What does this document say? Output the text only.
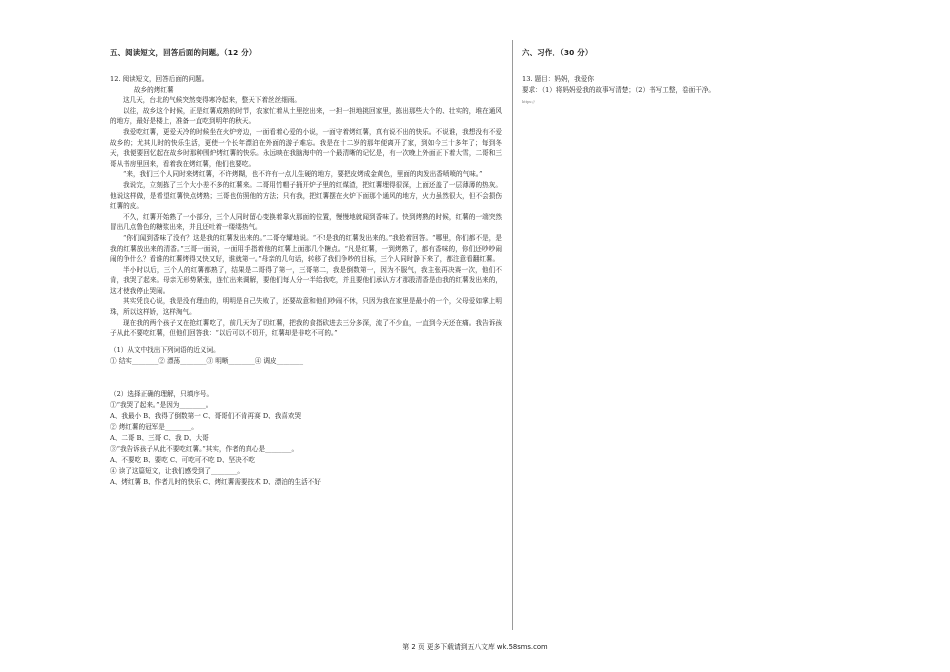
五、阅读短文，回答后面的问题。（12 分）

12. 阅读短文，回答后面的问题。

故乡的烤红薯

这几天，台北的气候突然变得寒冷起来，整天下着丝丝细雨。

以往，故乡这个时候，正是红薯成熟的时节，农家忙着从土里挖出来，一担一担地挑回家里，拣出那些大个的、壮实的，堆在通风的地方，最好是楼上，准备一直吃到明年的秋天。

我爱吃红薯，更爱天冷的时候坐在火炉旁边，一面看着心爱的小说，一面守着烤红薯，真有说不出的快乐。不说谁，我想没有不爱故乡的；尤其儿时的快乐生活，更使一个长年漂泊在外面的游子难忘。我是在十二岁的那年便离开了家，到如今三十多年了；每到冬天，我便要回忆起在故乡时那种围炉烤红薯的快乐。永远映在我脑海中的一个最清晰的记忆是，有一次晚上外面正下着大雪，二哥和三哥从书房里回来，看着我在烤红薯，他们也要吃。

“来，我们三个人同时来烤红薯，不许烤糊，也不许有一点儿生硬的地方，要把皮烤成金黄色，里面的肉发出香喷喷的气味。”

我说完，立刻拣了三个大小差不多的红薯来。二哥用竹帽子捅开炉子里的红煤渣，把红薯埋得很深，上面还盖了一层薄薄的热灰。他说这样做，是希望红薯快点烤熟；三哥也仿照他的方法；只有我，把红薯摆在火炉下面那个通风的地方，火力虽然很大，但不会损伤红薯的皮。

不久，红薯开始熟了一小部分，三个人同时留心变换着靠火那面的位置，慢慢地就闻到香味了。快到烤熟的时候，红薯的一端突然冒出几点鲁色的糖浆出来，并且还吐着一缕缕热气。

“你们闻到香味了没有？这是我的红薯发出来的。”二哥夺耀地说。“不!是我的红薯发出来的。”我抢着回答。“哪里，你们都不是，是我的红薯放出来的清香。”三哥一面说，一面用手指着他的红薯上面那几个糖点。“凡是红薯，一到烤熟了，都有香味的，你们还吵吵闹闹的争什么？看谁的红薯烤得又快又好，谁就第一。”母亲的几句话，转移了我们争吵的目标，三个人同时静下来了，都注意看翻红薯。

半小时以后，三个人的红薯都熟了，结果是二哥得了第一，三哥第二，我是倒数第一，因为不服气，我主张再决赛一次，他们不肯，我哭了起来。母亲无形势紧张，连忙出来调解，要他们每人分一半给我吃，并且要他们承认方才那股清香是由我的红薯发出来的，这才使我停止哭闹。

其实凭良心说，我是没有理由的，明明是自己失败了，还要故意和他们吵闹不休，只因为我在家里是最小的一个，父母爱如掌上明珠，所以这样娇，这样淘气。

现在我的两个孩子又在抢红薯吃了，前几天为了切红薯，把我的食指砍进去三分多深，流了不少血，一直到今天还在痛。我告诉孩子从此不要吃红薯，但他们回答我：“以后可以不切开，红薯却是非吃不可的。”

（1）从文中找出下列词语的近义词。

① 结实________② 漂荡________③ 明晰________④ 调皮________

（2）选择正确的理解，只填序号。

①“我哭了起来。”是因为________。

A、我最小 B、我得了倒数第一 C、哥哥们不肯再赛 D、我喜欢哭

② 烤红薯的冠军是________。

A、二哥 B、三哥 C、我 D、大哥

③“我告诉孩子从此不要吃红薯。”其实，作者的真心是________。

A、不要吃 B、要吃 C、可吃可不吃 D、坚决不吃

④ 读了这篇短文，让我们感受到了________。

A、烤红薯 B、作者儿时的快乐 C、烤红薯需要技术 D、漂泊的生活不好

六、习作．（30 分）

13. 题目：妈妈，我爱你

要求：（1）将妈妈爱我的故事写清楚；（2）书写工整，卷面干净。

https://

第 2 页 更多下载请到五八文库 wk.58sms.com
